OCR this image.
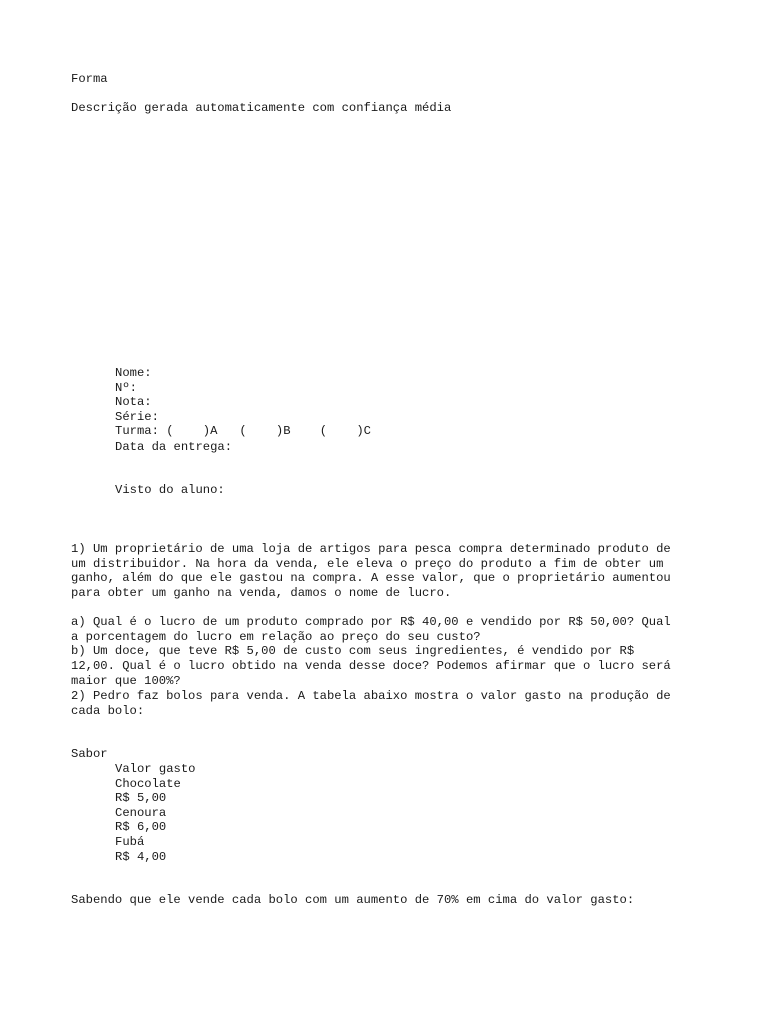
Forma
Descrição gerada automaticamente com confiança média
Nome:
Nº:
Nota:
Série:
Turma: (    )A   (    )B    (    )C
Data da entrega:
Visto do aluno:
1) Um proprietário de uma loja de artigos para pesca compra determinado produto de
um distribuidor. Na hora da venda, ele eleva o preço do produto a fim de obter um
ganho, além do que ele gastou na compra. A esse valor, que o proprietário aumentou
para obter um ganho na venda, damos o nome de lucro.
a) Qual é o lucro de um produto comprado por R$ 40,00 e vendido por R$ 50,00? Qual
a porcentagem do lucro em relação ao preço do seu custo?
b) Um doce, que teve R$ 5,00 de custo com seus ingredientes, é vendido por R$
12,00. Qual é o lucro obtido na venda desse doce? Podemos afirmar que o lucro será
maior que 100%?
2) Pedro faz bolos para venda. A tabela abaixo mostra o valor gasto na produção de
cada bolo:
Sabor
Valor gasto
Chocolate
R$ 5,00
Cenoura
R$ 6,00
Fubá
R$ 4,00
Sabendo que ele vende cada bolo com um aumento de 70% em cima do valor gasto:
